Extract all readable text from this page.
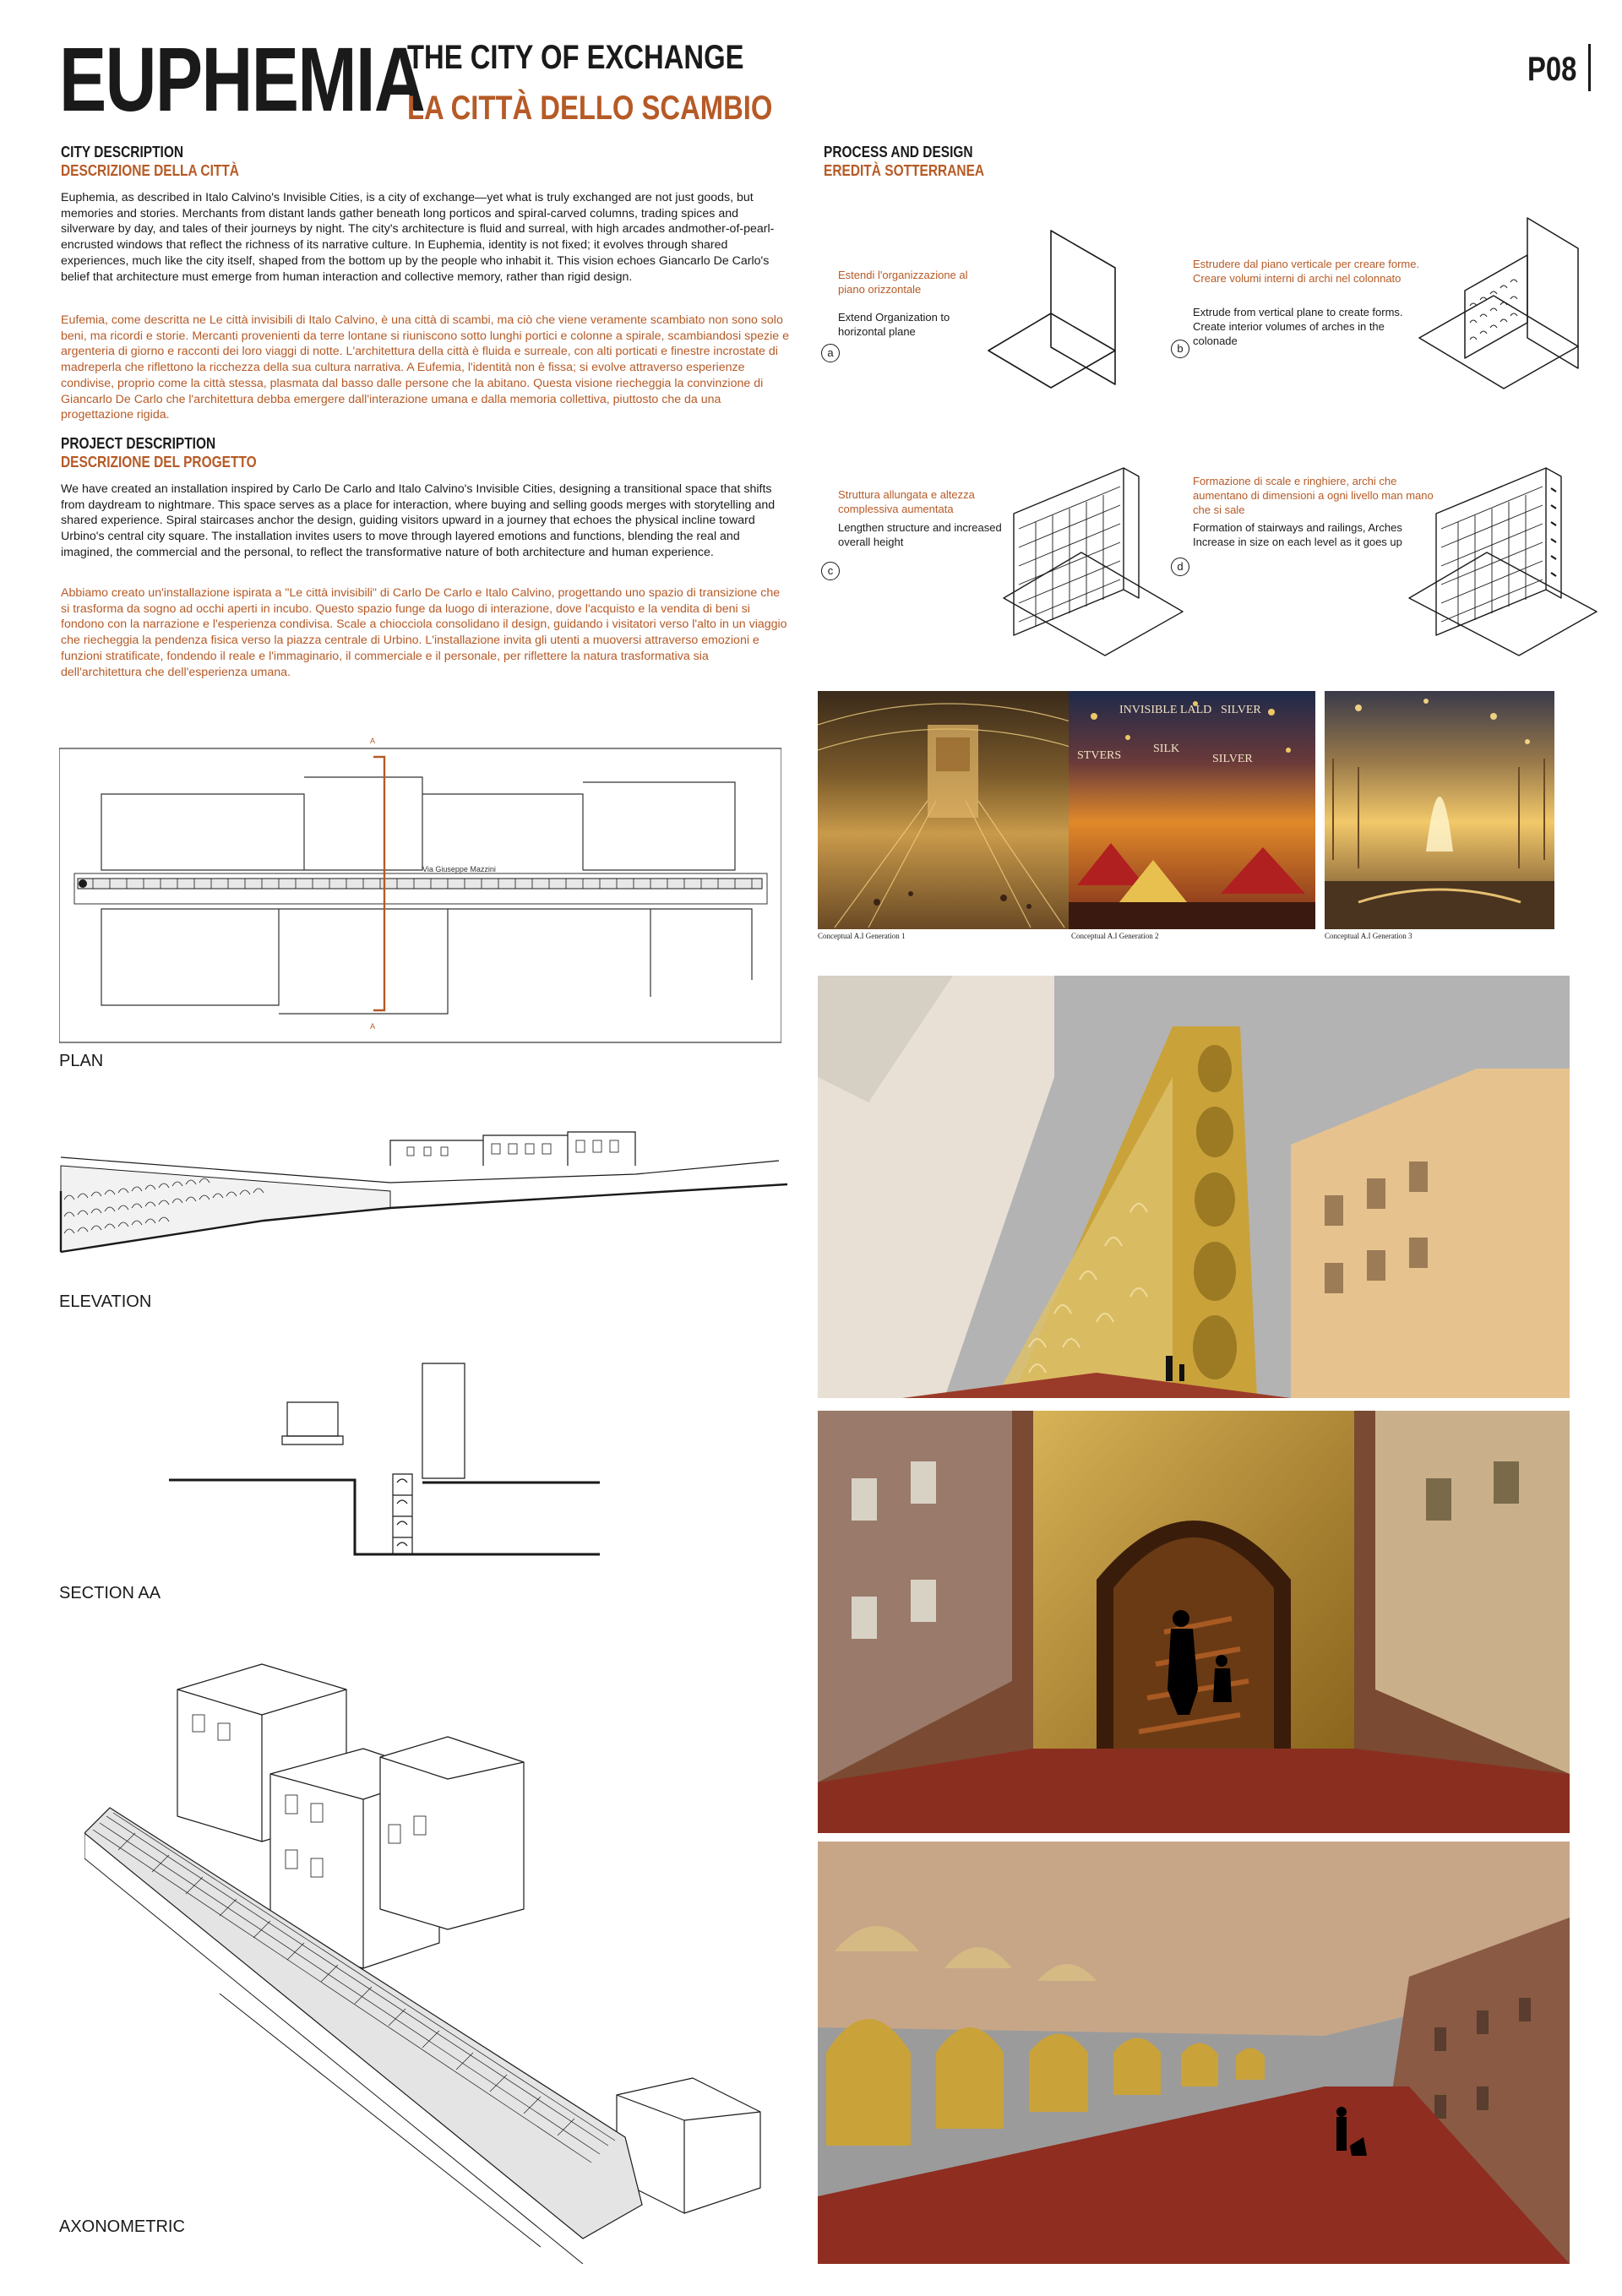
EUPHEMIA
THE CITY OF EXCHANGE
LA CITTÀ DELLO SCAMBIO
P08
CITY DESCRIPTION
DESCRIZIONE DELLA CITTÀ
Euphemia, as described in Italo Calvino's Invisible Cities, is a city of exchange—yet what is truly exchanged are not just goods, but memories and stories. Merchants from distant lands gather beneath long porticos and spiral-carved columns, trading spices and silverware by day, and tales of their journeys by night. The city's architecture is fluid and surreal, with high arcades andmother-of-pearl-encrusted windows that reflect the richness of its narrative culture. In Euphemia, identity is not fixed; it evolves through shared experiences, much like the city itself, shaped from the bottom up by the people who inhabit it. This vision echoes Giancarlo De Carlo's belief that architecture must emerge from human interaction and collective memory, rather than rigid design.
Eufemia, come descritta ne Le città invisibili di Italo Calvino, è una città di scambi, ma ciò che viene veramente scambiato non sono solo beni, ma ricordi e storie. Mercanti provenienti da terre lontane si riuniscono sotto lunghi portici e colonne a spirale, scambiandosi spezie e argenteria di giorno e racconti dei loro viaggi di notte. L'architettura della città è fluida e surreale, con alti porticati e finestre incrostate di madreperla che riflettono la ricchezza della sua cultura narrativa. A Eufemia, l'identità non è fissa; si evolve attraverso esperienze condivise, proprio come la città stessa, plasmata dal basso dalle persone che la abitano. Questa visione riecheggia la convinzione di Giancarlo De Carlo che l'architettura debba emergere dall'interazione umana e dalla memoria collettiva, piuttosto che da una progettazione rigida.
PROJECT DESCRIPTION
DESCRIZIONE DEL PROGETTO
We have created an installation inspired by Carlo De Carlo and Italo Calvino's Invisible Cities, designing a transitional space that shifts from daydream to nightmare. This space serves as a place for interaction, where buying and selling goods merges with storytelling and shared experience. Spiral staircases anchor the design, guiding visitors upward in a journey that echoes the physical incline toward Urbino's central city square. The installation invites users to move through layered emotions and functions, blending the real and imagined, the commercial and the personal, to reflect the transformative nature of both architecture and human experience.
Abbiamo creato un'installazione ispirata a "Le città invisibili" di Carlo De Carlo e Italo Calvino, progettando uno spazio di transizione che si trasforma da sogno ad occhi aperti in incubo. Questo spazio funge da luogo di interazione, dove l'acquisto e la vendita di beni si fondono con la narrazione e l'esperienza condivisa. Scale a chiocciola consolidano il design, guidando i visitatori verso l'alto in un viaggio che riecheggia la pendenza fisica verso la piazza centrale di Urbino. L'installazione invita gli utenti a muoversi attraverso emozioni e funzioni stratificate, fondendo il reale e l'immaginario, il commerciale e il personale, per riflettere la natura trasformativa sia dell'architettura che dell'esperienza umana.
PROCESS AND DESIGN
EREDITÀ SOTTERRANEA
Estendi l'organizzazione al piano orizzontale
Extend Organization to horizontal plane
a
Estrudere dal piano verticale per creare forme. Creare volumi interni di archi nel colonnato
Extrude from vertical plane to create forms. Create interior volumes of arches in the colonade
b
Struttura allungata e altezza complessiva aumentata
Lengthen structure and increased overall height
c
Formazione di scale e ringhiere, archi che aumentano di dimensioni a ogni livello man mano che si sale
Formation of stairways and railings, Arches Increase in size on each level as it goes up
d
Conceptual A.I Generation 1
INVISIBLE LALD SILVER
STVERS
SILK
SILVER
Conceptual A.I Generation 2	Conceptual A.I Generation 3
Via Giuseppe Mazzini
A
A
PLAN
ELEVATION
SECTION AA
AXONOMETRIC
